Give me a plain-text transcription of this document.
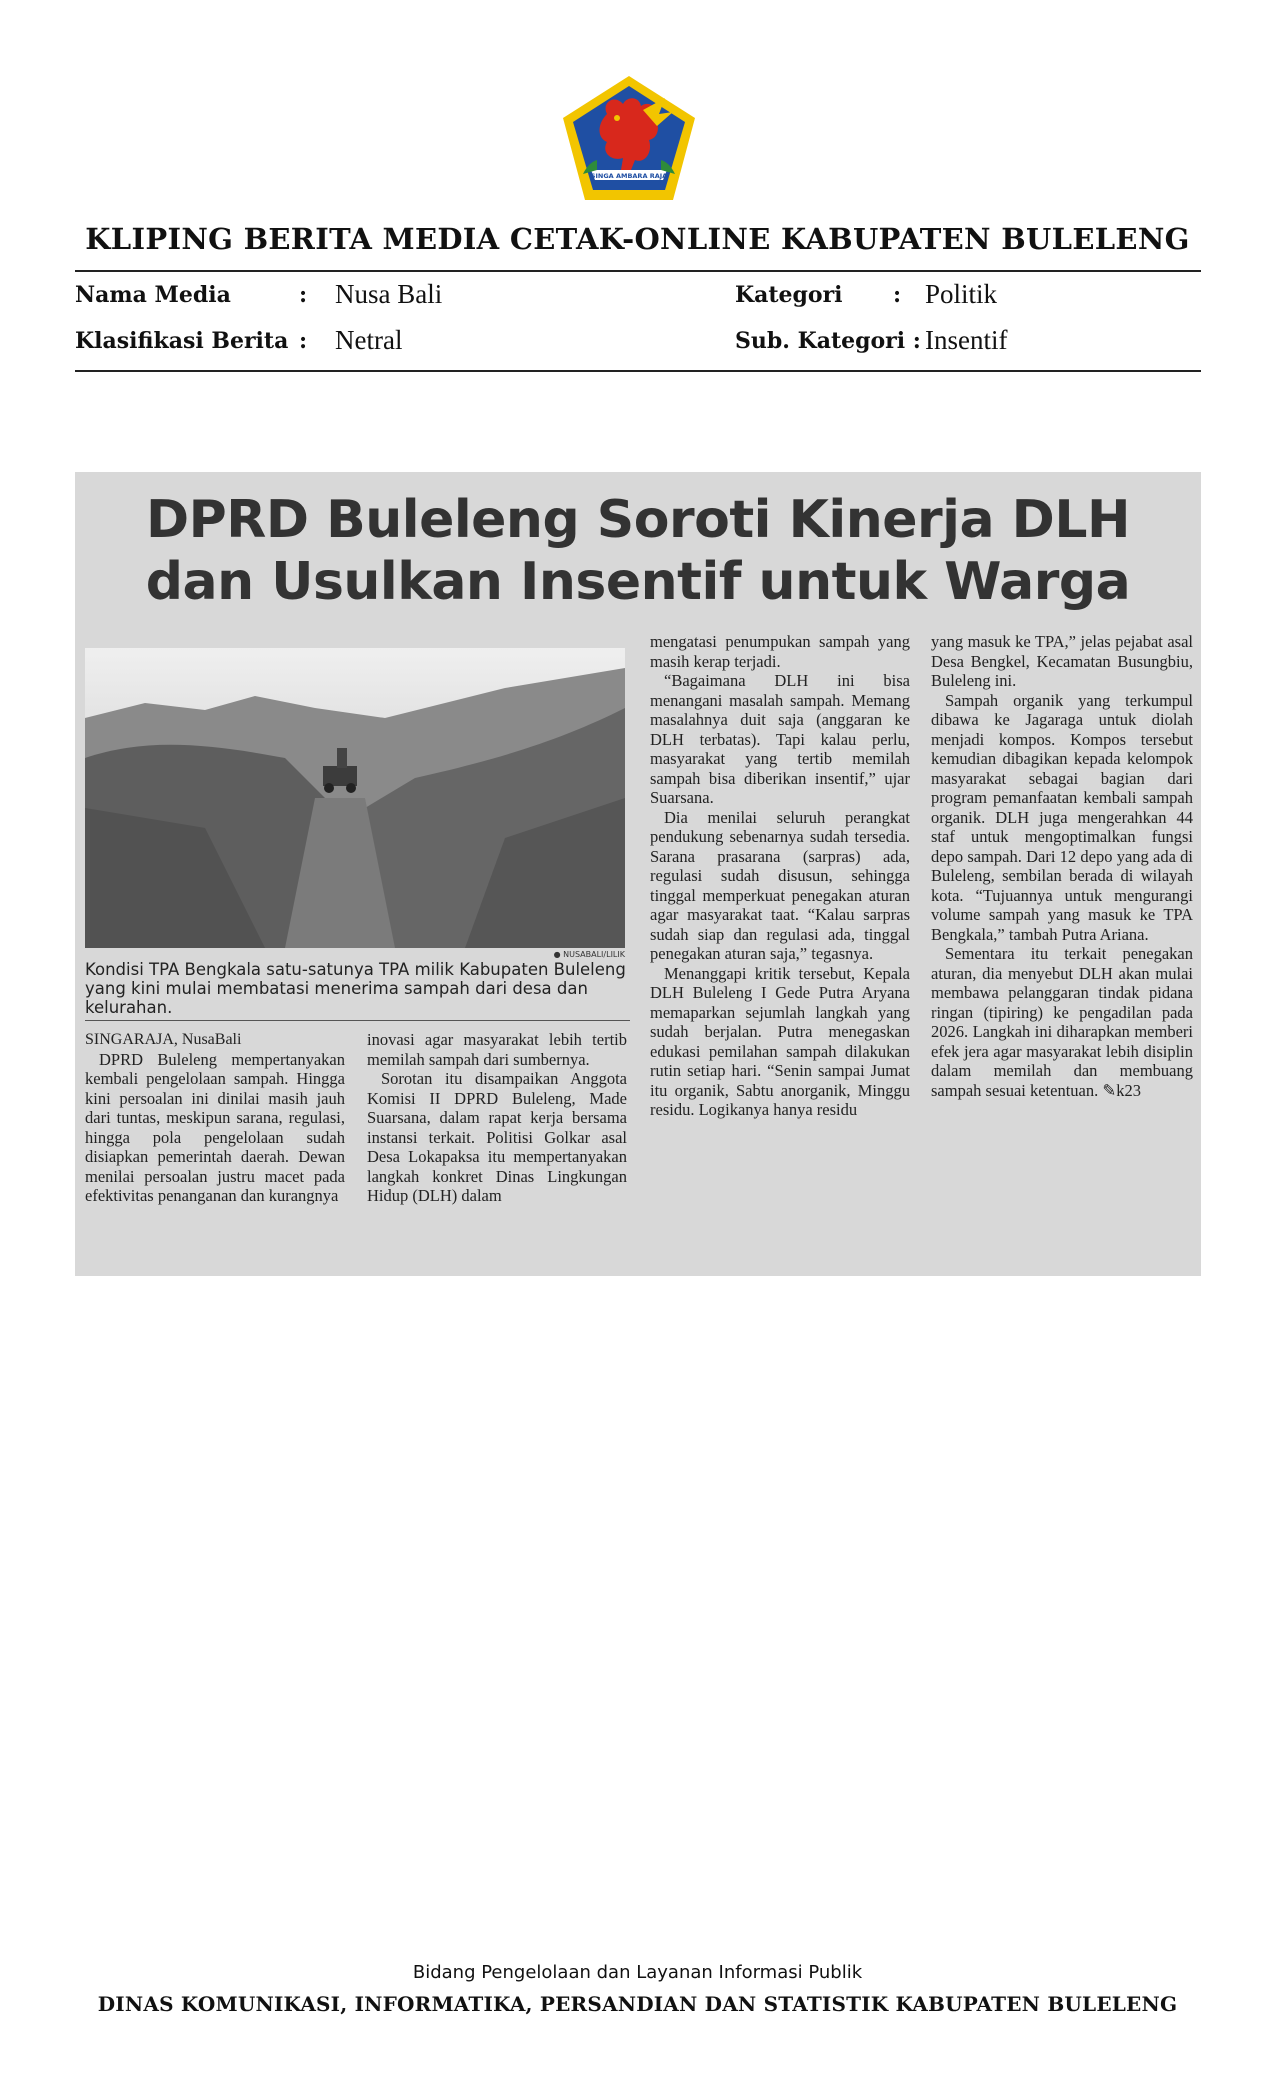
SINGA AMBARA RAJA
KLIPING BERITA MEDIA CETAK-ONLINE KABUPATEN BULELENG
Nama Media	: Nusa Bali	Kategori : Politik
Klasifikasi Berita : Netral	Sub. Kategori : Insentif
DPRD Buleleng Soroti Kinerja DLH
dan Usulkan Insentif untuk Warga
● NUSABALI/LILIK
Kondisi TPA Bengkala satu-satunya TPA milik Kabupaten Buleleng yang kini mulai membatasi menerima sampah dari desa dan kelurahan.

SINGARAJA, NusaBali

DPRD Buleleng mempertanyakan kembali pengelolaan sampah. Hingga kini persoalan ini dinilai masih jauh dari tuntas, meskipun sarana, regulasi, hingga pola pengelolaan sudah disiapkan pemerintah daerah. Dewan menilai persoalan justru macet pada efektivitas penanganan dan kurangnya

inovasi agar masyarakat lebih tertib memilah sampah dari sumbernya.

Sorotan itu disampaikan Anggota Komisi II DPRD Buleleng, Made Suarsana, dalam rapat kerja bersama instansi terkait. Politisi Golkar asal Desa Lokapaksa itu mempertanyakan langkah konkret Dinas Lingkungan Hidup (DLH) dalam

mengatasi penumpukan sampah yang masih kerap terjadi.

“Bagaimana DLH ini bisa menangani masalah sampah. Memang masalahnya duit saja (anggaran ke DLH terbatas). Tapi kalau perlu, masyarakat yang tertib memilah sampah bisa diberikan insentif,” ujar Suarsana.

Dia menilai seluruh perangkat pendukung sebenarnya sudah tersedia. Sarana prasarana (sarpras) ada, regulasi sudah disusun, sehingga tinggal memperkuat penegakan aturan agar masyarakat taat. “Kalau sarpras sudah siap dan regulasi ada, tinggal penegakan aturan saja,” tegasnya.

Menanggapi kritik tersebut, Kepala DLH Buleleng I Gede Putra Aryana memaparkan sejumlah langkah yang sudah berjalan. Putra menegaskan edukasi pemilahan sampah dilakukan rutin setiap hari. “Senin sampai Jumat itu organik, Sabtu anorganik, Minggu residu. Logikanya hanya residu

yang masuk ke TPA,” jelas pejabat asal Desa Bengkel, Kecamatan Busungbiu, Buleleng ini.

Sampah organik yang terkumpul dibawa ke Jagaraga untuk diolah menjadi kompos. Kompos tersebut kemudian dibagikan kepada kelompok masyarakat sebagai bagian dari program pemanfaatan kembali sampah organik. DLH juga mengerahkan 44 staf untuk mengoptimalkan fungsi depo sampah. Dari 12 depo yang ada di Buleleng, sembilan berada di wilayah kota. “Tujuannya untuk mengurangi volume sampah yang masuk ke TPA Bengkala,” tambah Putra Ariana.

Sementara itu terkait penegakan aturan, dia menyebut DLH akan mulai membawa pelanggaran tindak pidana ringan (tipiring) ke pengadilan pada 2026. Langkah ini diharapkan memberi efek jera agar masyarakat lebih disiplin dalam memilah dan membuang sampah sesuai ketentuan. ✎k23

Bidang Pengelolaan dan Layanan Informasi Publik
DINAS KOMUNIKASI, INFORMATIKA, PERSANDIAN DAN STATISTIK KABUPATEN BULELENG
